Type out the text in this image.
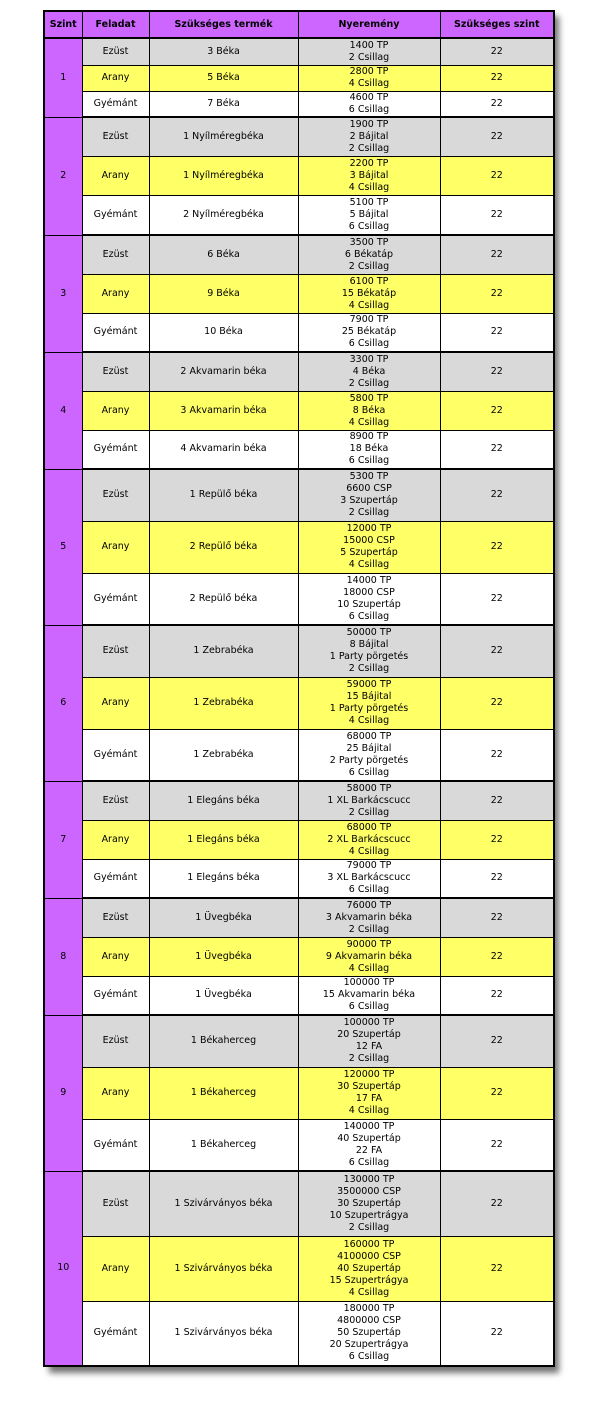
Szint	Feladat	Szükséges termék	Nyeremény	Szükséges szint
1	Ezüst	3 Béka	1400 TP
2 Csillag	22
	Arany	5 Béka	2800 TP
4 Csillag	22
	Gyémánt	7 Béka	4600 TP
6 Csillag	22
2	Ezüst	1 Nyílméregbéka	1900 TP
2 Bájital
2 Csillag	22
	Arany	1 Nyílméregbéka	2200 TP
3 Bájital
4 Csillag	22
	Gyémánt	2 Nyílméregbéka	5100 TP
5 Bájital
6 Csillag	22
3	Ezüst	6 Béka	3500 TP
6 Békatáp
2 Csillag	22
	Arany	9 Béka	6100 TP
15 Békatáp
4 Csillag	22
	Gyémánt	10 Béka	7900 TP
25 Békatáp
6 Csillag	22
4	Ezüst	2 Akvamarin béka	3300 TP
4 Béka
2 Csillag	22
	Arany	3 Akvamarin béka	5800 TP
8 Béka
4 Csillag	22
	Gyémánt	4 Akvamarin béka	8900 TP
18 Béka
6 Csillag	22
5	Ezüst	1 Repülő béka	5300 TP
6600 CSP
3 Szupertáp
2 Csillag	22
	Arany	2 Repülő béka	12000 TP
15000 CSP
5 Szupertáp
4 Csillag	22
	Gyémánt	2 Repülő béka	14000 TP
18000 CSP
10 Szupertáp
6 Csillag	22
6	Ezüst	1 Zebrabéka	50000 TP
8 Bájital
1 Party pörgetés
2 Csillag	22
	Arany	1 Zebrabéka	59000 TP
15 Bájital
1 Party pörgetés
4 Csillag	22
	Gyémánt	1 Zebrabéka	68000 TP
25 Bájital
2 Party pörgetés
6 Csillag	22
7	Ezüst	1 Elegáns béka	58000 TP
1 XL Barkácscucc
2 Csillag	22
	Arany	1 Elegáns béka	68000 TP
2 XL Barkácscucc
4 Csillag	22
	Gyémánt	1 Elegáns béka	79000 TP
3 XL Barkácscucc
6 Csillag	22
8	Ezüst	1 Üvegbéka	76000 TP
3 Akvamarin béka
2 Csillag	22
	Arany	1 Üvegbéka	90000 TP
9 Akvamarin béka
4 Csillag	22
	Gyémánt	1 Üvegbéka	100000 TP
15 Akvamarin béka
6 Csillag	22
9	Ezüst	1 Békaherceg	100000 TP
20 Szupertáp
12 FA
2 Csillag	22
	Arany	1 Békaherceg	120000 TP
30 Szupertáp
17 FA
4 Csillag	22
	Gyémánt	1 Békaherceg	140000 TP
40 Szupertáp
22 FA
6 Csillag	22
10	Ezüst	1 Szivárványos béka	130000 TP
3500000 CSP
30 Szupertáp
10 Szupertrágya
2 Csillag	22
	Arany	1 Szivárványos béka	160000 TP
4100000 CSP
40 Szupertáp
15 Szupertrágya
4 Csillag	22
	Gyémánt	1 Szivárványos béka	180000 TP
4800000 CSP
50 Szupertáp
20 Szupertrágya
6 Csillag	22
